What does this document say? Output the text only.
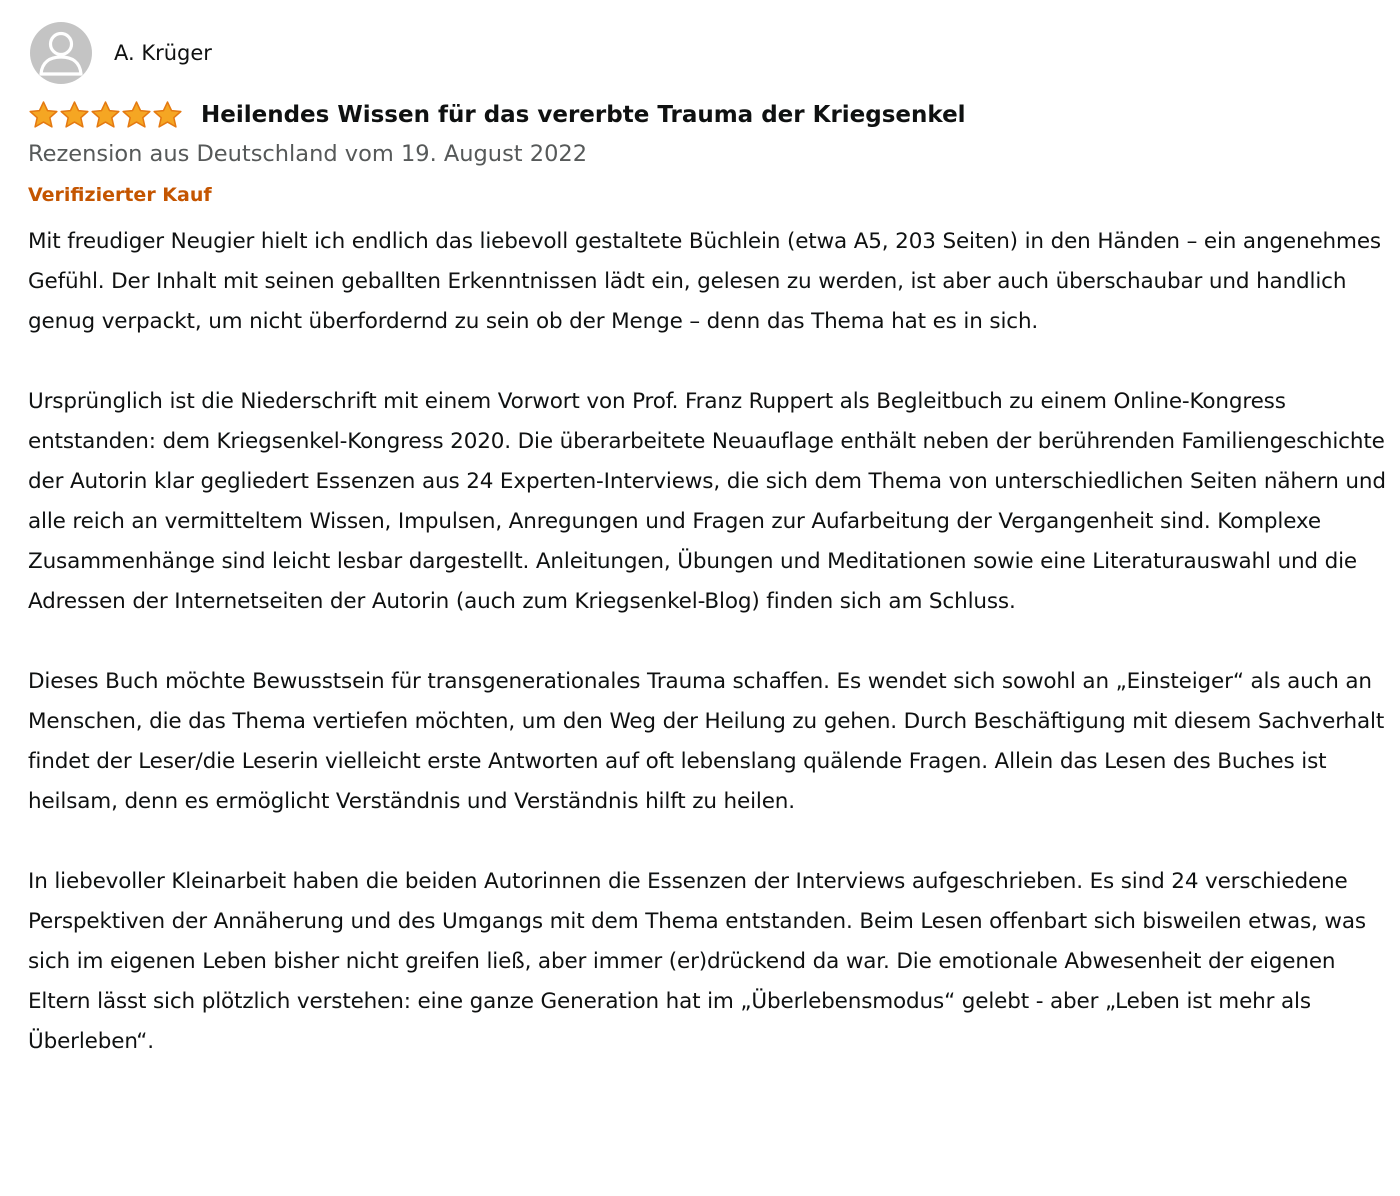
A. Krüger
Heilendes Wissen für das vererbte Trauma der Kriegsenkel
Rezension aus Deutschland vom 19. August 2022
Verifizierter Kauf

Mit freudiger Neugier hielt ich endlich das liebevoll gestaltete Büchlein (etwa A5, 203 Seiten) in den Händen – ein angenehmes Gefühl. Der Inhalt mit seinen geballten Erkenntnissen lädt ein, gelesen zu werden, ist aber auch überschaubar und handlich genug verpackt, um nicht überfordernd zu sein ob der Menge – denn das Thema hat es in sich.

Ursprünglich ist die Niederschrift mit einem Vorwort von Prof. Franz Ruppert als Begleitbuch zu einem Online-Kongress entstanden: dem Kriegsenkel-Kongress 2020. Die überarbeitete Neuauflage enthält neben der berührenden Familiengeschichte der Autorin klar gegliedert Essenzen aus 24 Experten-Interviews, die sich dem Thema von unterschiedlichen Seiten nähern und alle reich an vermitteltem Wissen, Impulsen, Anregungen und Fragen zur Aufarbeitung der Vergangenheit sind. Komplexe Zusammenhänge sind leicht lesbar dargestellt. Anleitungen, Übungen und Meditationen sowie eine Literaturauswahl und die Adressen der Internetseiten der Autorin (auch zum Kriegsenkel-Blog) finden sich am Schluss.

Dieses Buch möchte Bewusstsein für transgenerationales Trauma schaffen. Es wendet sich sowohl an „Einsteiger“ als auch an Menschen, die das Thema vertiefen möchten, um den Weg der Heilung zu gehen. Durch Beschäftigung mit diesem Sachverhalt findet der Leser/die Leserin vielleicht erste Antworten auf oft lebenslang quälende Fragen. Allein das Lesen des Buches ist heilsam, denn es ermöglicht Verständnis und Verständnis hilft zu heilen.

In liebevoller Kleinarbeit haben die beiden Autorinnen die Essenzen der Interviews aufgeschrieben. Es sind 24 verschiedene Perspektiven der Annäherung und des Umgangs mit dem Thema entstanden. Beim Lesen offenbart sich bisweilen etwas, was sich im eigenen Leben bisher nicht greifen ließ, aber immer (er)drückend da war. Die emotionale Abwesenheit der eigenen Eltern lässt sich plötzlich verstehen: eine ganze Generation hat im „Überlebensmodus“ gelebt - aber „Leben ist mehr als Überleben“.
